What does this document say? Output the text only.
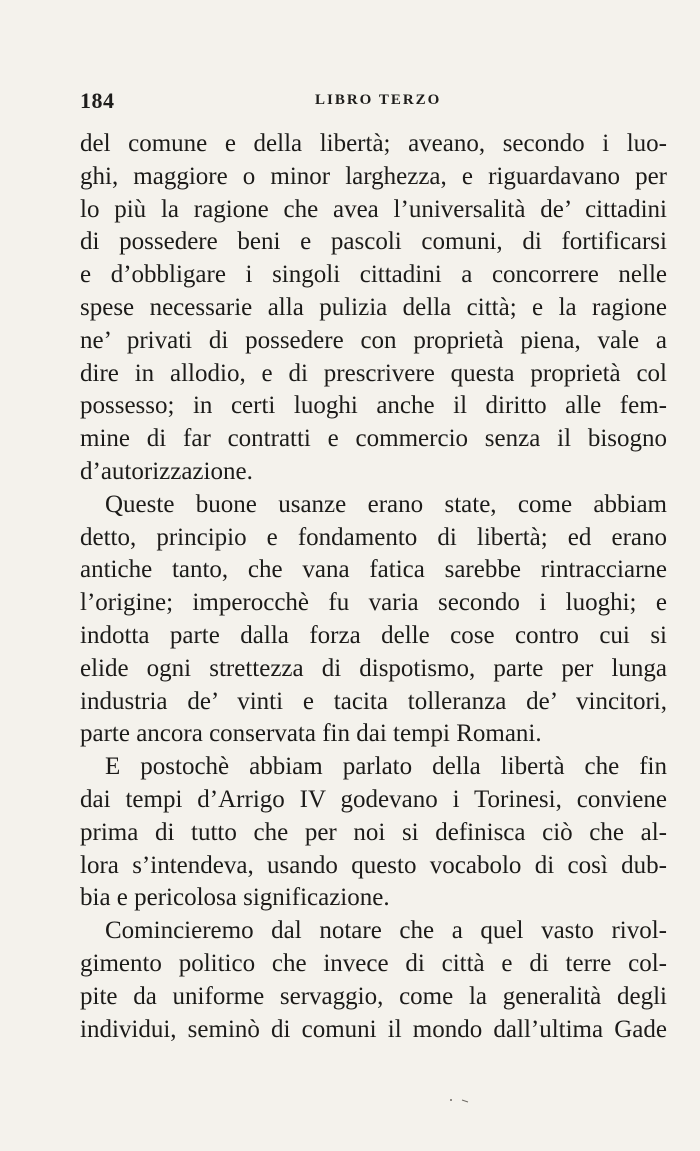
184	LIBRO TERZO
del comune e della libertà; aveano, secondo i luo-
ghi, maggiore o minor larghezza, e riguardavano per
lo più la ragione che avea l’universalità de’ cittadini
di possedere beni e pascoli comuni, di fortificarsi
e d’obbligare i singoli cittadini a concorrere nelle
spese necessarie alla pulizia della città; e la ragione
ne’ privati di possedere con proprietà piena, vale a
dire in allodio, e di prescrivere questa proprietà col
possesso; in certi luoghi anche il diritto alle fem-
mine di far contratti e commercio senza il bisogno
d’autorizzazione.
Queste buone usanze erano state, come abbiam
detto, principio e fondamento di libertà; ed erano
antiche tanto, che vana fatica sarebbe rintracciarne
l’origine; imperocchè fu varia secondo i luoghi; e
indotta parte dalla forza delle cose contro cui si
elide ogni strettezza di dispotismo, parte per lunga
industria de’ vinti e tacita tolleranza de’ vincitori,
parte ancora conservata fin dai tempi Romani.
E postochè abbiam parlato della libertà che fin
dai tempi d’Arrigo IV godevano i Torinesi, conviene
prima di tutto che per noi si definisca ciò che al-
lora s’intendeva, usando questo vocabolo di così dub-
bia e pericolosa significazione.
Comincieremo dal notare che a quel vasto rivol-
gimento politico che invece di città e di terre col-
pite da uniforme servaggio, come la generalità degli
individui, seminò di comuni il mondo dall’ultima Gade
